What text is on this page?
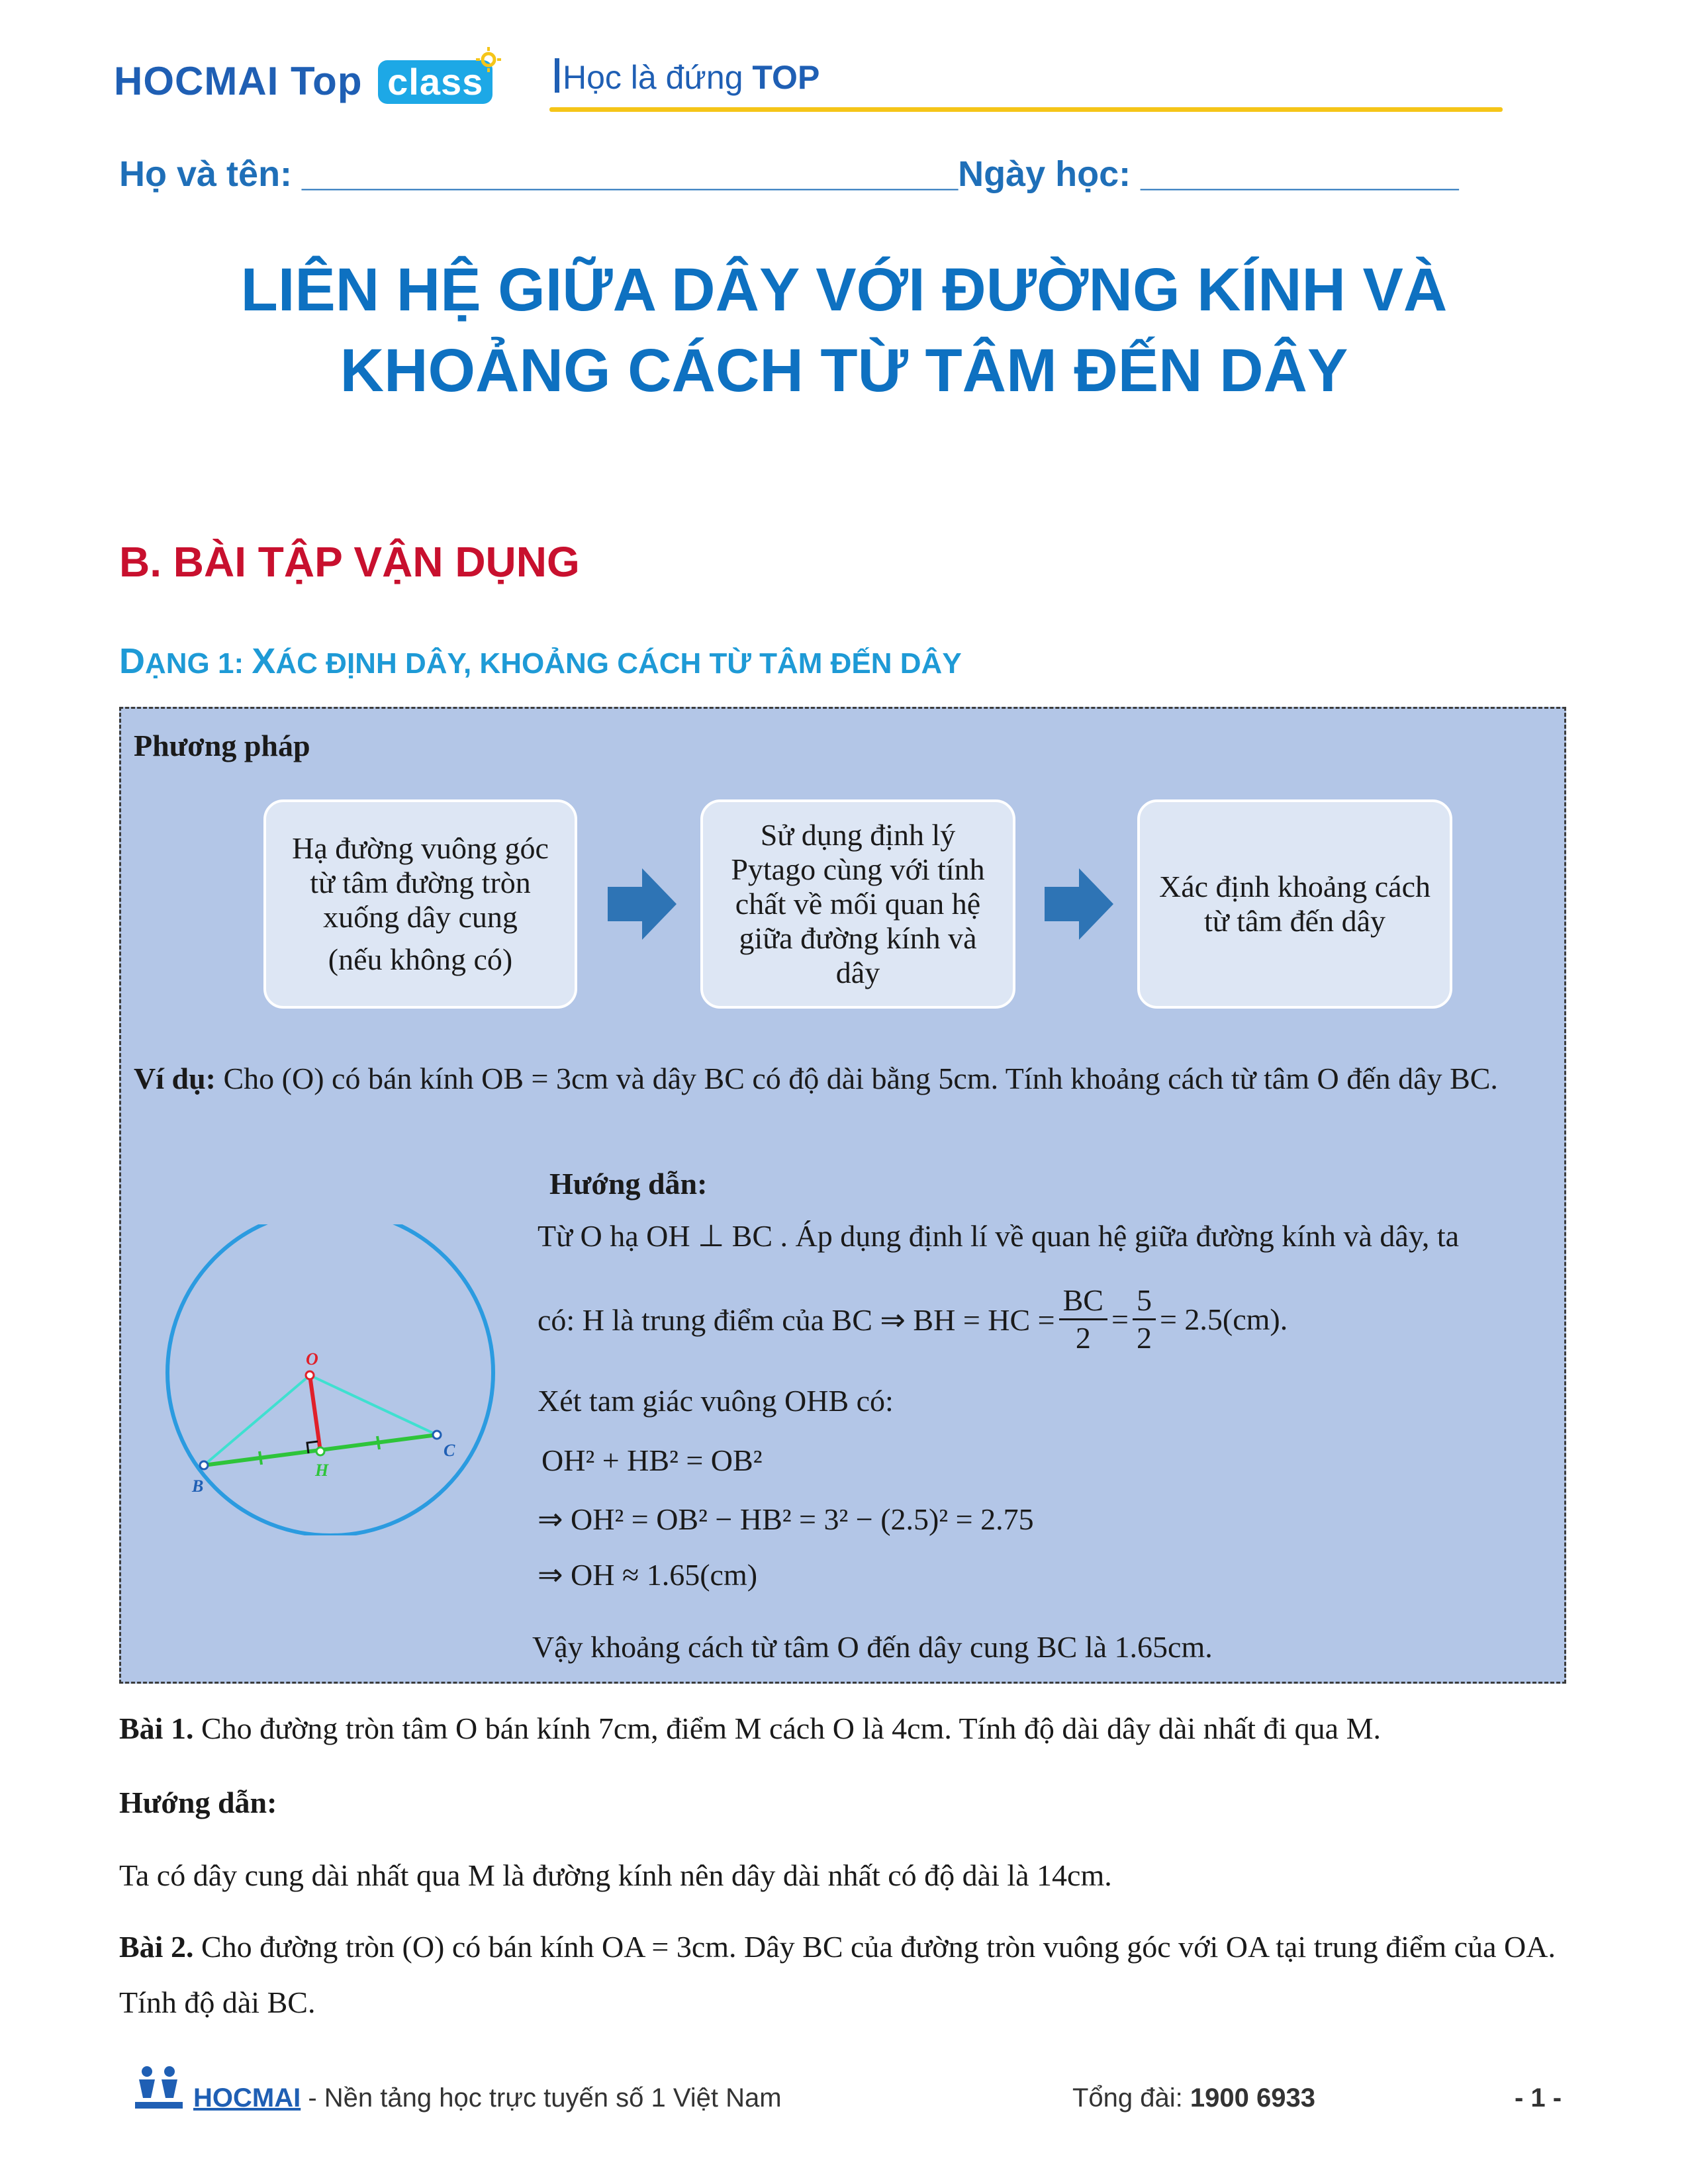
HOCMAI Top class Học là đứng TOP
Họ và tên: _________________________________Ngày học: ________________
LIÊN HỆ GIỮA DÂY VỚI ĐƯỜNG KÍNH VÀ
KHOẢNG CÁCH TỪ TÂM ĐẾN DÂY
B. BÀI TẬP VẬN DỤNG
DẠNG 1: XÁC ĐỊNH DÂY, KHOẢNG CÁCH TỪ TÂM ĐẾN DÂY
Phương pháp
Hạ đường vuông góc từ tâm đường tròn xuống dây cung
(nếu không có)
Sử dụng định lý Pytago cùng với tính chất về mối quan hệ giữa đường kính và dây
Xác định khoảng cách từ tâm đến dây
Ví dụ: Cho (O) có bán kính OB = 3cm và dây BC có độ dài bằng 5cm. Tính khoảng cách từ tâm O đến dây BC.
Hướng dẫn:
O
B
C
H
Từ O hạ OH ⊥ BC . Áp dụng định lí về quan hệ giữa đường kính và dây, ta
có: H là trung điểm của BC ⇒ BH = HC = $\frac{BC}{2} = \frac{5}{2} = 2.5(cm)$.
Xét tam giác vuông OHB có:
OH² + HB² = OB²
⇒ OH² = OB² − HB² = 3² − (2.5)² = 2.75
⇒ OH ≈ 1.65(cm)
Vậy khoảng cách từ tâm O đến dây cung BC là 1.65cm.
Bài 1. Cho đường tròn tâm O bán kính 7cm, điểm M cách O là 4cm. Tính độ dài dây dài nhất đi qua M.
Hướng dẫn:
Ta có dây cung dài nhất qua M là đường kính nên dây dài nhất có độ dài là 14cm.
Bài 2. Cho đường tròn (O) có bán kính OA = 3cm. Dây BC của đường tròn vuông góc với OA tại trung điểm của OA. Tính độ dài BC.
HOCMAI - Nền tảng học trực tuyến số 1 Việt Nam	Tổng đài: 1900 6933	- 1 -
